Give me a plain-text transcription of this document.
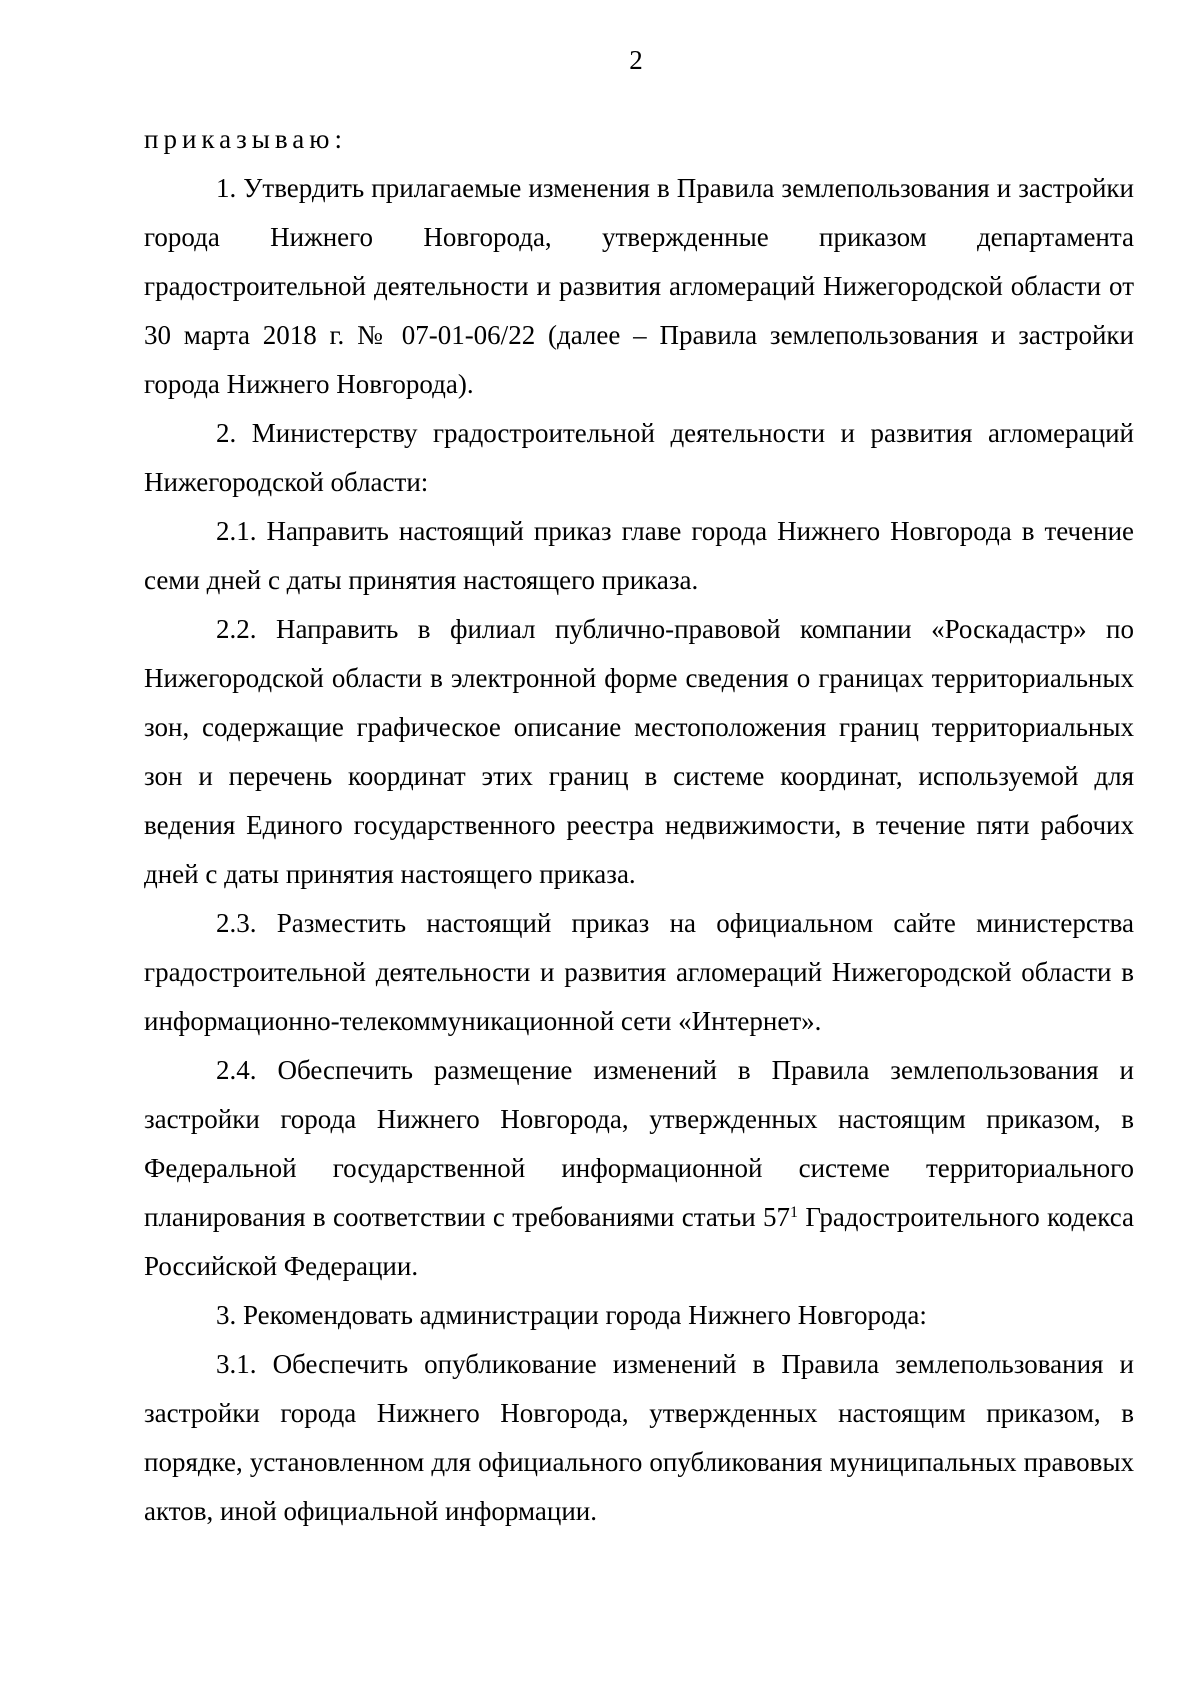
2

приказываю:

1. Утвердить прилагаемые изменения в Правила землепользования и застройки города Нижнего Новгорода, утвержденные приказом департамента градостроительной деятельности и развития агломераций Нижегородской области от 30 марта 2018 г. № 07-01-06/22 (далее – Правила землепользования и застройки города Нижнего Новгорода).

2. Министерству градостроительной деятельности и развития агломераций Нижегородской области:

2.1. Направить настоящий приказ главе города Нижнего Новгорода в течение семи дней с даты принятия настоящего приказа.

2.2. Направить в филиал публично-правовой компании «Роскадастр» по Нижегородской области в электронной форме сведения о границах территориальных зон, содержащие графическое описание местоположения границ территориальных зон и перечень координат этих границ в системе координат, используемой для ведения Единого государственного реестра недвижимости, в течение пяти рабочих дней с даты принятия настоящего приказа.

2.3. Разместить настоящий приказ на официальном сайте министерства градостроительной деятельности и развития агломераций Нижегородской области в информационно-телекоммуникационной сети «Интернет».

2.4. Обеспечить размещение изменений в Правила землепользования и застройки города Нижнего Новгорода, утвержденных настоящим приказом, в Федеральной государственной информационной системе территориального планирования в соответствии с требованиями статьи $57^1$ Градостроительного кодекса Российской Федерации.

3. Рекомендовать администрации города Нижнего Новгорода:

3.1. Обеспечить опубликование изменений в Правила землепользования и застройки города Нижнего Новгорода, утвержденных настоящим приказом, в порядке, установленном для официального опубликования муниципальных правовых актов, иной официальной информации.
